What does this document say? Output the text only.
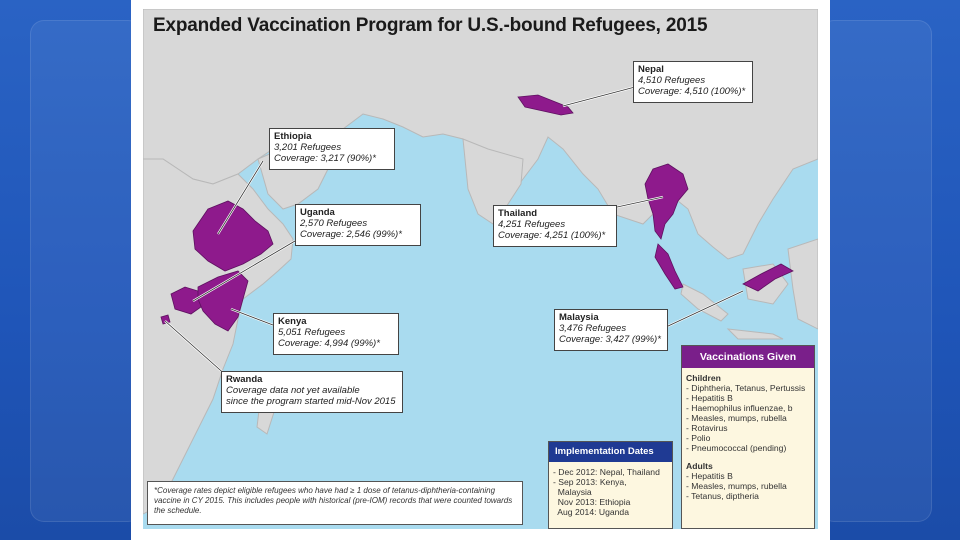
Expanded Vaccination Program for U.S.-bound Refugees, 2015
Nepal
4,510 Refugees
Coverage: 4,510 (100%)*
Ethiopia
3,201 Refugees
Coverage: 3,217 (90%)*
Uganda
2,570 Refugees
Coverage: 2,546 (99%)*
Thailand
4,251 Refugees
Coverage: 4,251 (100%)*
Kenya
5,051 Refugees
Coverage: 4,994 (99%)*
Malaysia
3,476 Refugees
Coverage: 3,427 (99%)*
Rwanda
Coverage data not yet available
since the program started mid-Nov 2015
Vaccinations Given
Children
- Diphtheria, Tetanus, Pertussis
- Hepatitis B
- Haemophilus influenzae, b
- Measles, mumps, rubella
- Rotavirus
- Polio
- Pneumococcal (pending)
Adults
- Hepatitis B
- Measles, mumps, rubella
- Tetanus, diptheria
Implementation Dates
- Dec 2012: Nepal, Thailand
- Sep 2013: Kenya,
Malaysia
Nov 2013: Ethiopia
Aug 2014: Uganda
*Coverage rates depict eligible refugees who have had ≥ 1 dose of tetanus-diphtheria-containing vaccine in CY 2015. This includes people with historical (pre-IOM) records that were counted towards the schedule.
